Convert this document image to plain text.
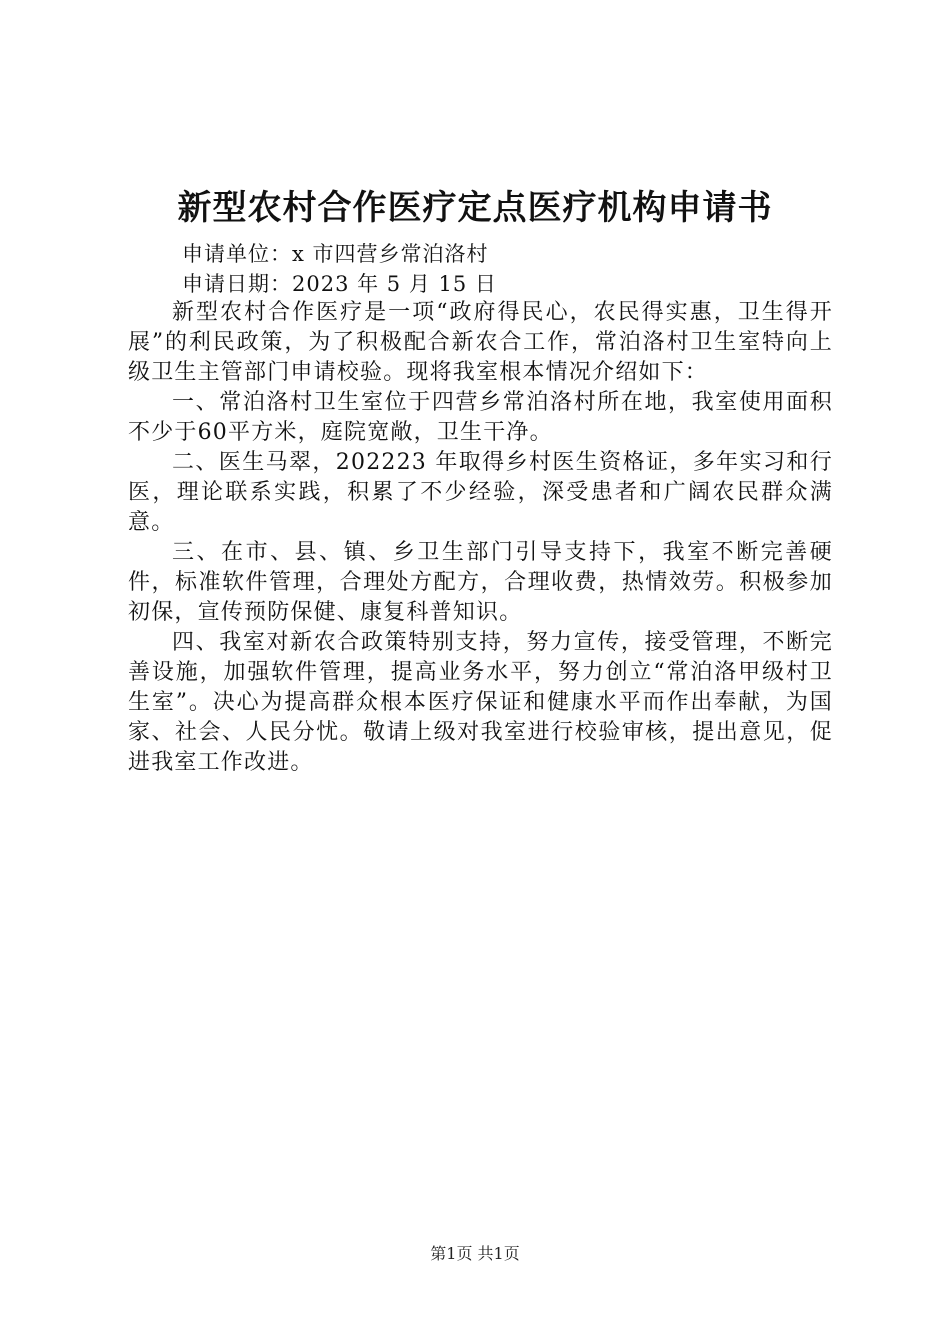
新型农村合作医疗定点医疗机构申请书
申请单位：x 市四营乡常泊洛村
申请日期：2023 年 5 月 15 日

新型农村合作医疗是一项“政府得民心，农民得实惠，卫生得开展”的利民政策，为了积极配合新农合工作，常泊洛村卫生室特向上级卫生主管部门申请校验。现将我室根本情况介绍如下：

一、常泊洛村卫生室位于四营乡常泊洛村所在地，我室使用面积不少于60平方米，庭院宽敞，卫生干净。

二、医生马翠，202223 年取得乡村医生资格证，多年实习和行医，理论联系实践，积累了不少经验，深受患者和广阔农民群众满意。

三、在市、县、镇、乡卫生部门引导支持下，我室不断完善硬件，标准软件管理，合理处方配方，合理收费，热情效劳。积极参加初保，宣传预防保健、康复科普知识。

四、我室对新农合政策特别支持，努力宣传，接受管理，不断完善设施，加强软件管理，提高业务水平，努力创立“常泊洛甲级村卫生室”。决心为提高群众根本医疗保证和健康水平而作出奉献，为国家、社会、人民分忧。敬请上级对我室进行校验审核，提出意见，促进我室工作改进。

第1页 共1页
